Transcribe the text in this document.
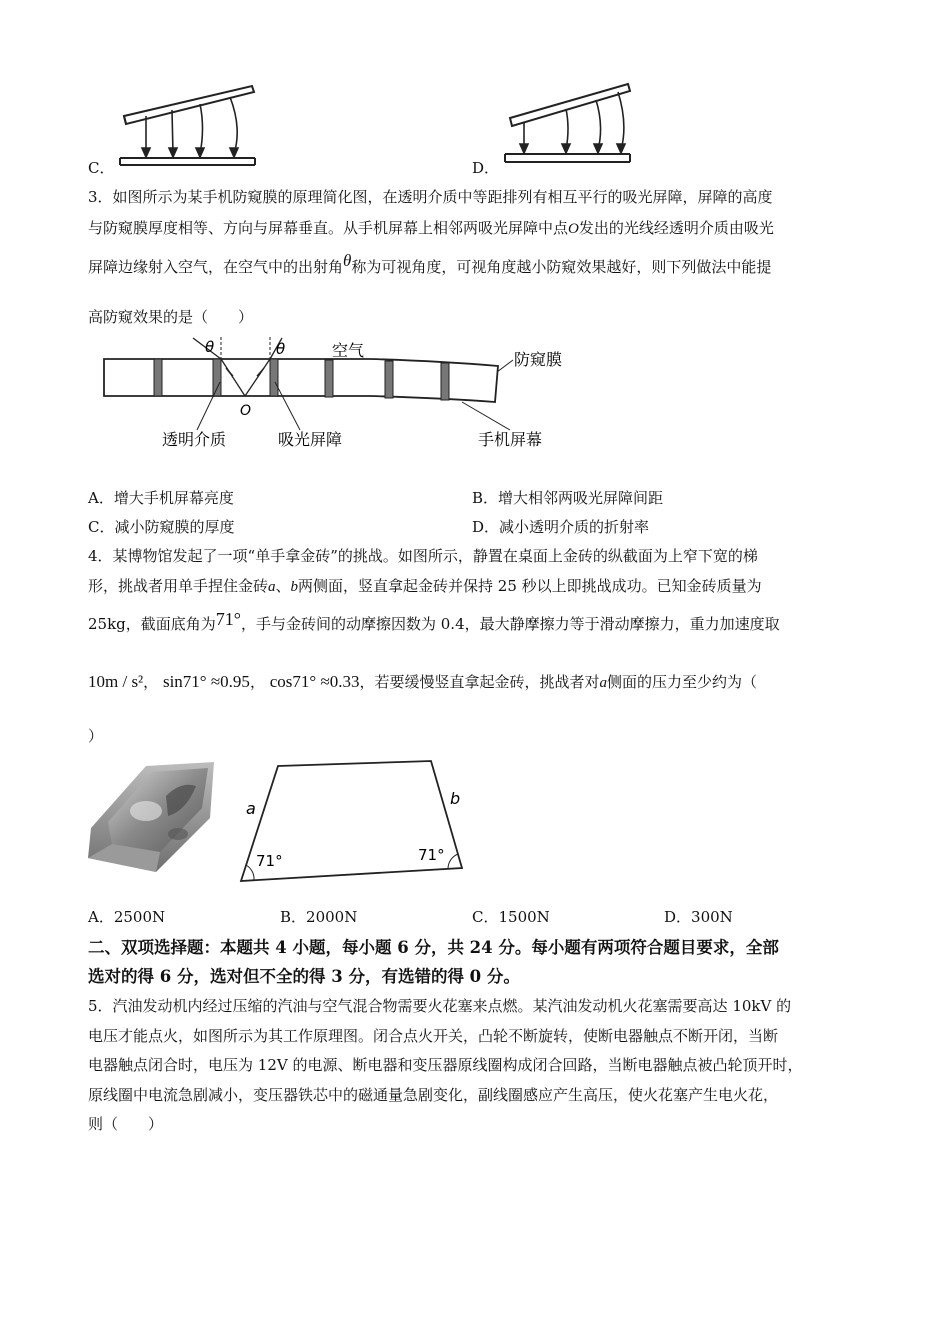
C．	D．
3．如图所示为某手机防窥膜的原理简化图，在透明介质中等距排列有相互平行的吸光屏障，屏障的高度
与防窥膜厚度相等、方向与屏幕垂直。从手机屏幕上相邻两吸光屏障中点O发出的光线经透明介质由吸光
屏障边缘射入空气，在空气中的出射角θ称为可视角度，可视角度越小防窥效果越好，则下列做法中能提
高防窥效果的是（　　）
θ	θ
O
空气	防窥膜
透明介质	吸光屏障	手机屏幕
A．增大手机屏幕亮度	B．增大相邻两吸光屏障间距
C．减小防窥膜的厚度	D．减小透明介质的折射率
4．某博物馆发起了一项“单手拿金砖”的挑战。如图所示，静置在桌面上金砖的纵截面为上窄下宽的梯
形，挑战者用单手捏住金砖a、b两侧面，竖直拿起金砖并保持 25 秒以上即挑战成功。已知金砖质量为
25kg，截面底角为71°，手与金砖间的动摩擦因数为 0.4，最大静摩擦力等于滑动摩擦力，重力加速度取
10m / s²， sin71° ≈0.95， cos71° ≈0.33，若要缓慢竖直拿起金砖，挑战者对a侧面的压力至少约为（
）
a
b
71°	71°
A．2500N	B．2000N	C．1500N	D．300N
二、双项选择题：本题共 4 小题，每小题 6 分，共 24 分。每小题有两项符合题目要求，全部
选对的得 6 分，选对但不全的得 3 分，有选错的得 0 分。
5．汽油发动机内经过压缩的汽油与空气混合物需要火花塞来点燃。某汽油发动机火花塞需要高达 10kV 的
电压才能点火，如图所示为其工作原理图。闭合点火开关，凸轮不断旋转，使断电器触点不断开闭，当断
电器触点闭合时，电压为 12V 的电源、断电器和变压器原线圈构成闭合回路，当断电器触点被凸轮顶开时，
原线圈中电流急剧减小，变压器铁芯中的磁通量急剧变化，副线圈感应产生高压，使火花塞产生电火花，
则（　　）
